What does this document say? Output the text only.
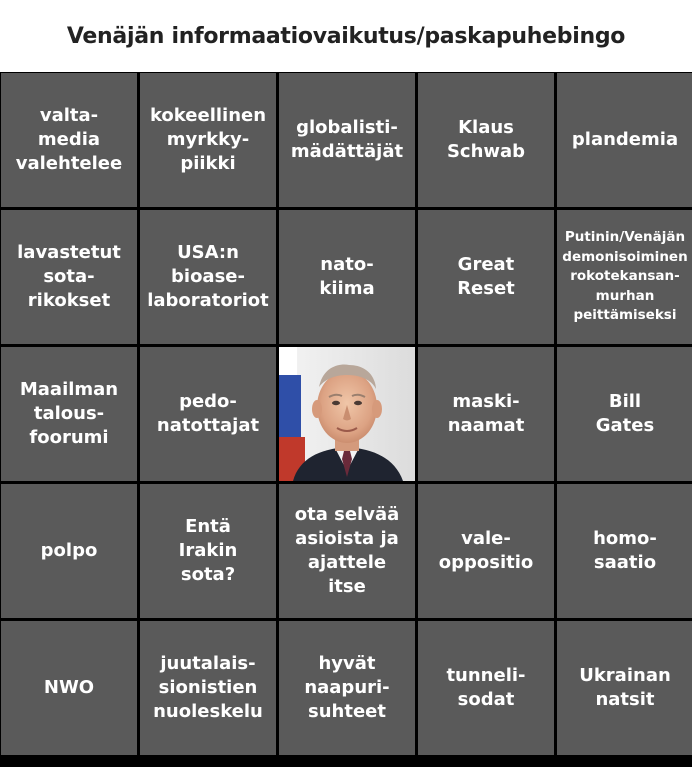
Venäjän informaatiovaikutus/paskapuhebingo
valta-
media
valehtelee
kokeellinen
myrkky-
piikki
globalisti-
mädättäjät
Klaus
Schwab
plandemia
lavastetut
sota-
rikokset
USA:n
bioase-
laboratoriot
nato-
kiima
Great
Reset
Putinin/Venäjän
demonisoiminen
rokotekansan-
murhan
peittämiseksi
Maailman
talous-
foorumi
pedo-
natottajat
maski-
naamat
Bill
Gates
polpo
Entä
Irakin
sota?
ota selvää
asioista ja
ajattele
itse
vale-
oppositio
homo-
saatio
NWO
juutalais-
sionistien
nuoleskelu
hyvät
naapuri-
suhteet
tunneli-
sodat
Ukrainan
natsit
